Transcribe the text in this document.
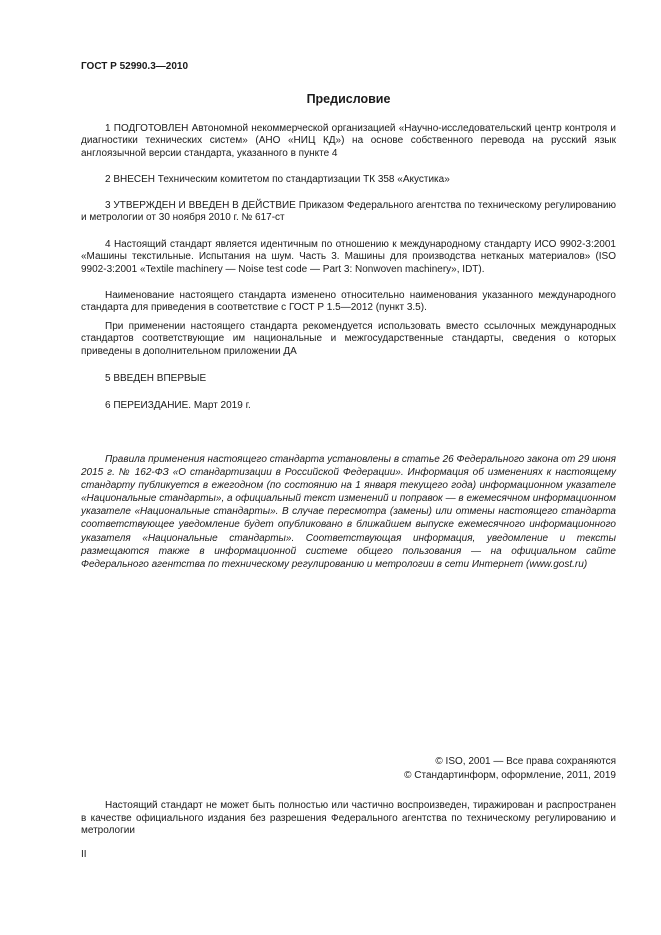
ГОСТ Р 52990.3—2010
Предисловие

1 ПОДГОТОВЛЕН Автономной некоммерческой организацией «Научно-исследовательский центр контроля и диагностики технических систем» (АНО «НИЦ КД») на основе собственного перевода на русский язык англоязычной версии стандарта, указанного в пункте 4

2 ВНЕСЕН Техническим комитетом по стандартизации ТК 358 «Акустика»

3 УТВЕРЖДЕН И ВВЕДЕН В ДЕЙСТВИЕ Приказом Федерального агентства по техническому регулированию и метрологии от 30 ноября 2010 г. № 617-ст

4 Настоящий стандарт является идентичным по отношению к международному стандарту ИСО 9902-3:2001 «Машины текстильные. Испытания на шум. Часть 3. Машины для производства нетканых материалов» (ISO 9902-3:2001 «Textile machinery — Noise test code — Part 3: Nonwoven machinery», IDT).

Наименование настоящего стандарта изменено относительно наименования указанного международного стандарта для приведения в соответствие с ГОСТ Р 1.5—2012 (пункт 3.5).

При применении настоящего стандарта рекомендуется использовать вместо ссылочных международных стандартов соответствующие им национальные и межгосударственные стандарты, сведения о которых приведены в дополнительном приложении ДА

5 ВВЕДЕН ВПЕРВЫЕ

6 ПЕРЕИЗДАНИЕ. Март 2019 г.

Правила применения настоящего стандарта установлены в статье 26 Федерального закона от 29 июня 2015 г. № 162-ФЗ «О стандартизации в Российской Федерации». Информация об изменениях к настоящему стандарту публикуется в ежегодном (по состоянию на 1 января текущего года) информационном указателе «Национальные стандарты», а официальный текст изменений и поправок — в ежемесячном информационном указателе «Национальные стандарты». В случае пересмотра (замены) или отмены настоящего стандарта соответствующее уведомление будет опубликовано в ближайшем выпуске ежемесячного информационного указателя «Национальные стандарты». Соответствующая информация, уведомление и тексты размещаются также в информационной системе общего пользования — на официальном сайте Федерального агентства по техническому регулированию и метрологии в сети Интернет (www.gost.ru)

© ISO, 2001 — Все права сохраняются
© Стандартинформ, оформление, 2011, 2019

Настоящий стандарт не может быть полностью или частично воспроизведен, тиражирован и распространен в качестве официального издания без разрешения Федерального агентства по техническому регулированию и метрологии

II
